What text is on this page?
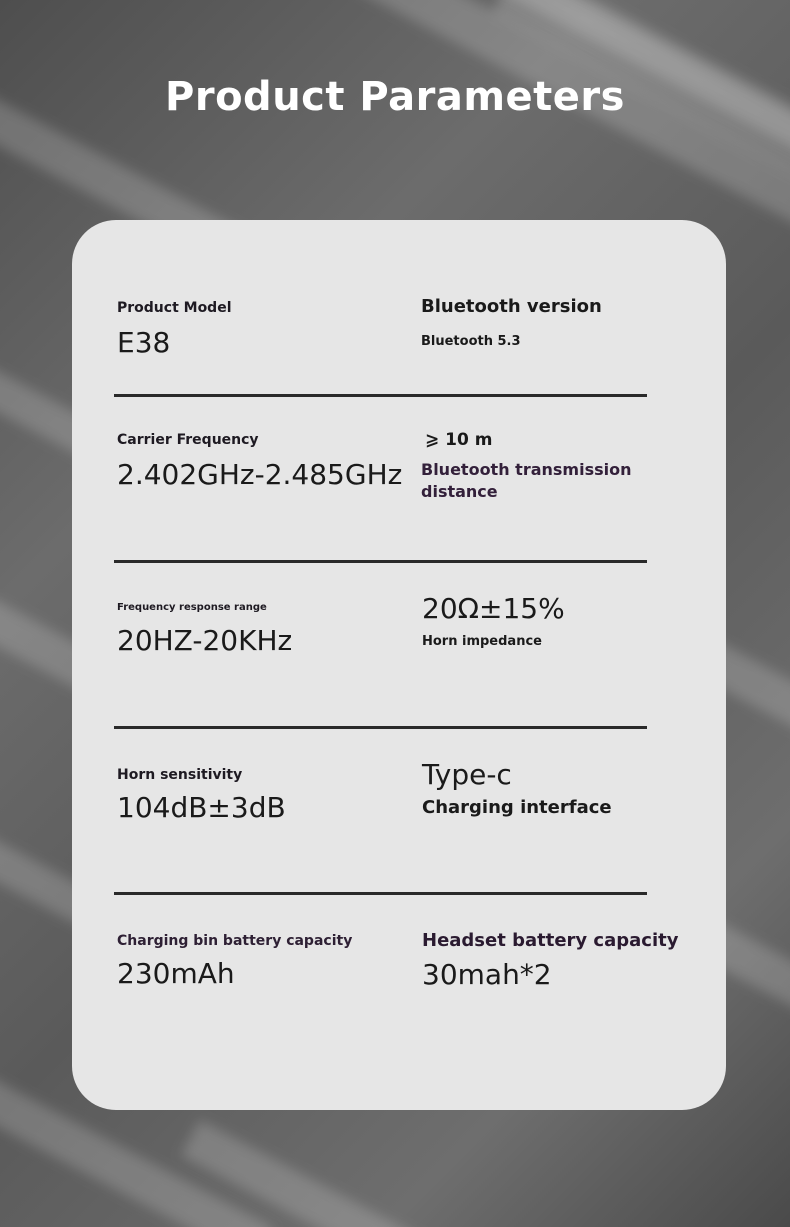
Product Parameters
Product Model
E38
Bluetooth version
Bluetooth 5.3
Carrier Frequency
2.402GHz-2.485GHz
⩾ 10 m
Bluetooth transmission distance
Frequency response range
20HZ-20KHz
20Ω±15%
Horn impedance
Horn sensitivity
104dB±3dB
Type-c
Charging interface
Charging bin battery capacity
230mAh
Headset battery capacity
30mah*2
